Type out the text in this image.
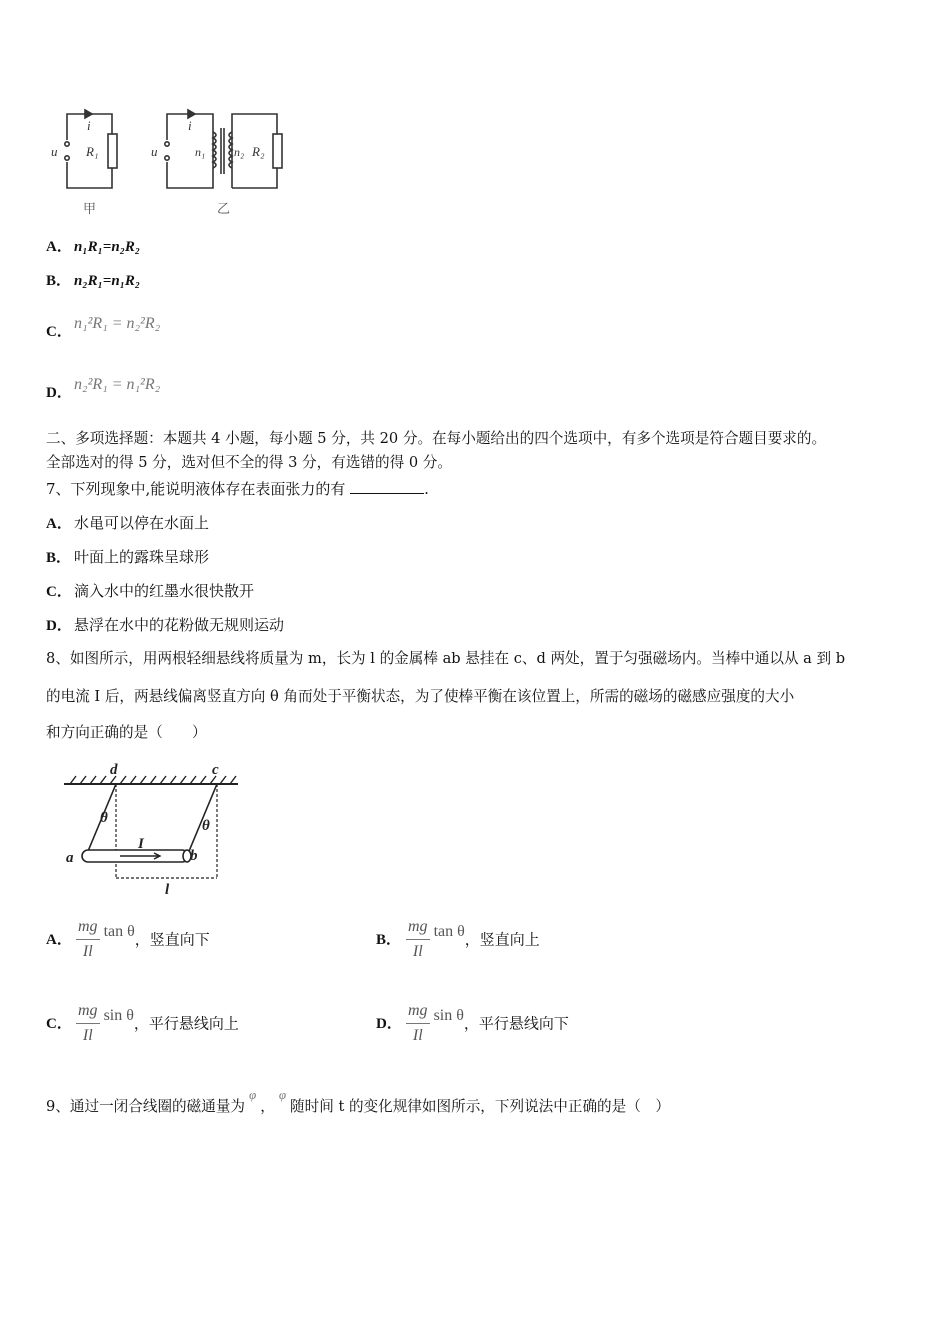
i
u R₁
甲
i
u	n₁ n₂ R₂
乙
A． n₁R₁=n₂R₂
B． n₂R₁=n₁R₂
C． n₁²R₁ = n₂²R₂
D． n₂²R₁ = n₁²R₂
二、多项选择题：本题共 4 小题，每小题 5 分，共 20 分。在每小题给出的四个选项中，有多个选项是符合题目要求的。
全部选对的得 5 分，选对但不全的得 3 分，有选错的得 0 分。
7、下列现象中,能说明液体存在表面张力的有	.
A． 水黾可以停在水面上
B． 叶面上的露珠呈球形
C． 滴入水中的红墨水很快散开
D． 悬浮在水中的花粉做无规则运动
8、如图所示，用两根轻细悬线将质量为 m，长为 l 的金属棒 ab 悬挂在 c、d 两处，置于匀强磁场内。当棒中通以从 a 到 b
的电流 I 后，两悬线偏离竖直方向 θ 角而处于平衡状态，为了使棒平衡在该位置上，所需的磁场的磁感应强度的大小
和方向正确的是（　　）
d	c
θ	θ
a	b
I
l
A． $\frac{mg}{Il}$ tan θ，竖直向下	B． $\frac{mg}{Il}$ tan θ，竖直向上
C． $\frac{mg}{Il}$ sin θ，平行悬线向上	D． $\frac{mg}{Il}$ sin θ，平行悬线向下
9、通过一闭合线圈的磁通量为φ，φ随时间 t 的变化规律如图所示，下列说法中正确的是（　）
